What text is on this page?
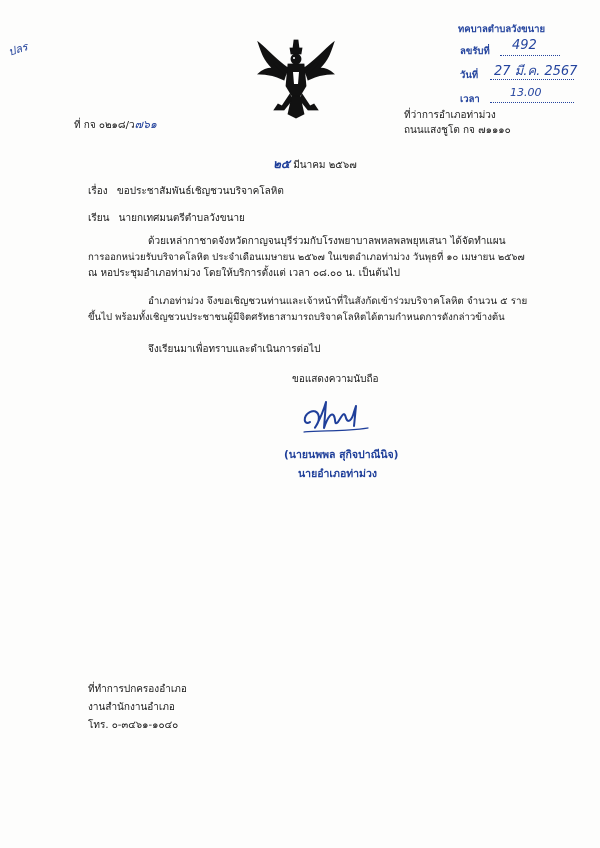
ปลร
ทคบาลตำบลวังขนาย
ลขรับที่ 492
วันที่ 27 มี.ค. 2567
เวลา
13.00
ที่ กจ ๐๒๑๘/ว๗๖๑
ที่ว่าการอำเภอท่าม่วง
ถนนแสงชูโต กจ ๗๑๑๑๐
๒๕ มีนาคม ๒๕๖๗
เรื่อง ขอประชาสัมพันธ์เชิญชวนบริจาคโลหิต
เรียน นายกเทศมนตรีตำบลวังขนาย
ด้วยเหล่ากาชาดจังหวัดกาญจนบุรีร่วมกับโรงพยาบาลพหลพลพยุหเสนา ได้จัดทำแผน
การออกหน่วยรับบริจาคโลหิต ประจำเดือนเมษายน ๒๕๖๗ ในเขตอำเภอท่าม่วง วันพุธที่ ๑๐ เมษายน ๒๕๖๗
ณ หอประชุมอำเภอท่าม่วง โดยให้บริการตั้งแต่ เวลา ๐๘.๐๐ น. เป็นต้นไป
อำเภอท่าม่วง จึงขอเชิญชวนท่านและเจ้าหน้าที่ในสังกัดเข้าร่วมบริจาคโลหิต จำนวน ๕ ราย
ขึ้นไป พร้อมทั้งเชิญชวนประชาชนผู้มีจิตศรัทธาสามารถบริจาคโลหิตได้ตามกำหนดการดังกล่าวข้างต้น
จึงเรียนมาเพื่อทราบและดำเนินการต่อไป
ขอแสดงความนับถือ
(นายนพพล สุกิจปาณีนิจ)
นายอำเภอท่าม่วง
ที่ทำการปกครองอำเภอ
งานสำนักงานอำเภอ
โทร. ๐-๓๔๖๑-๑๐๔๐
